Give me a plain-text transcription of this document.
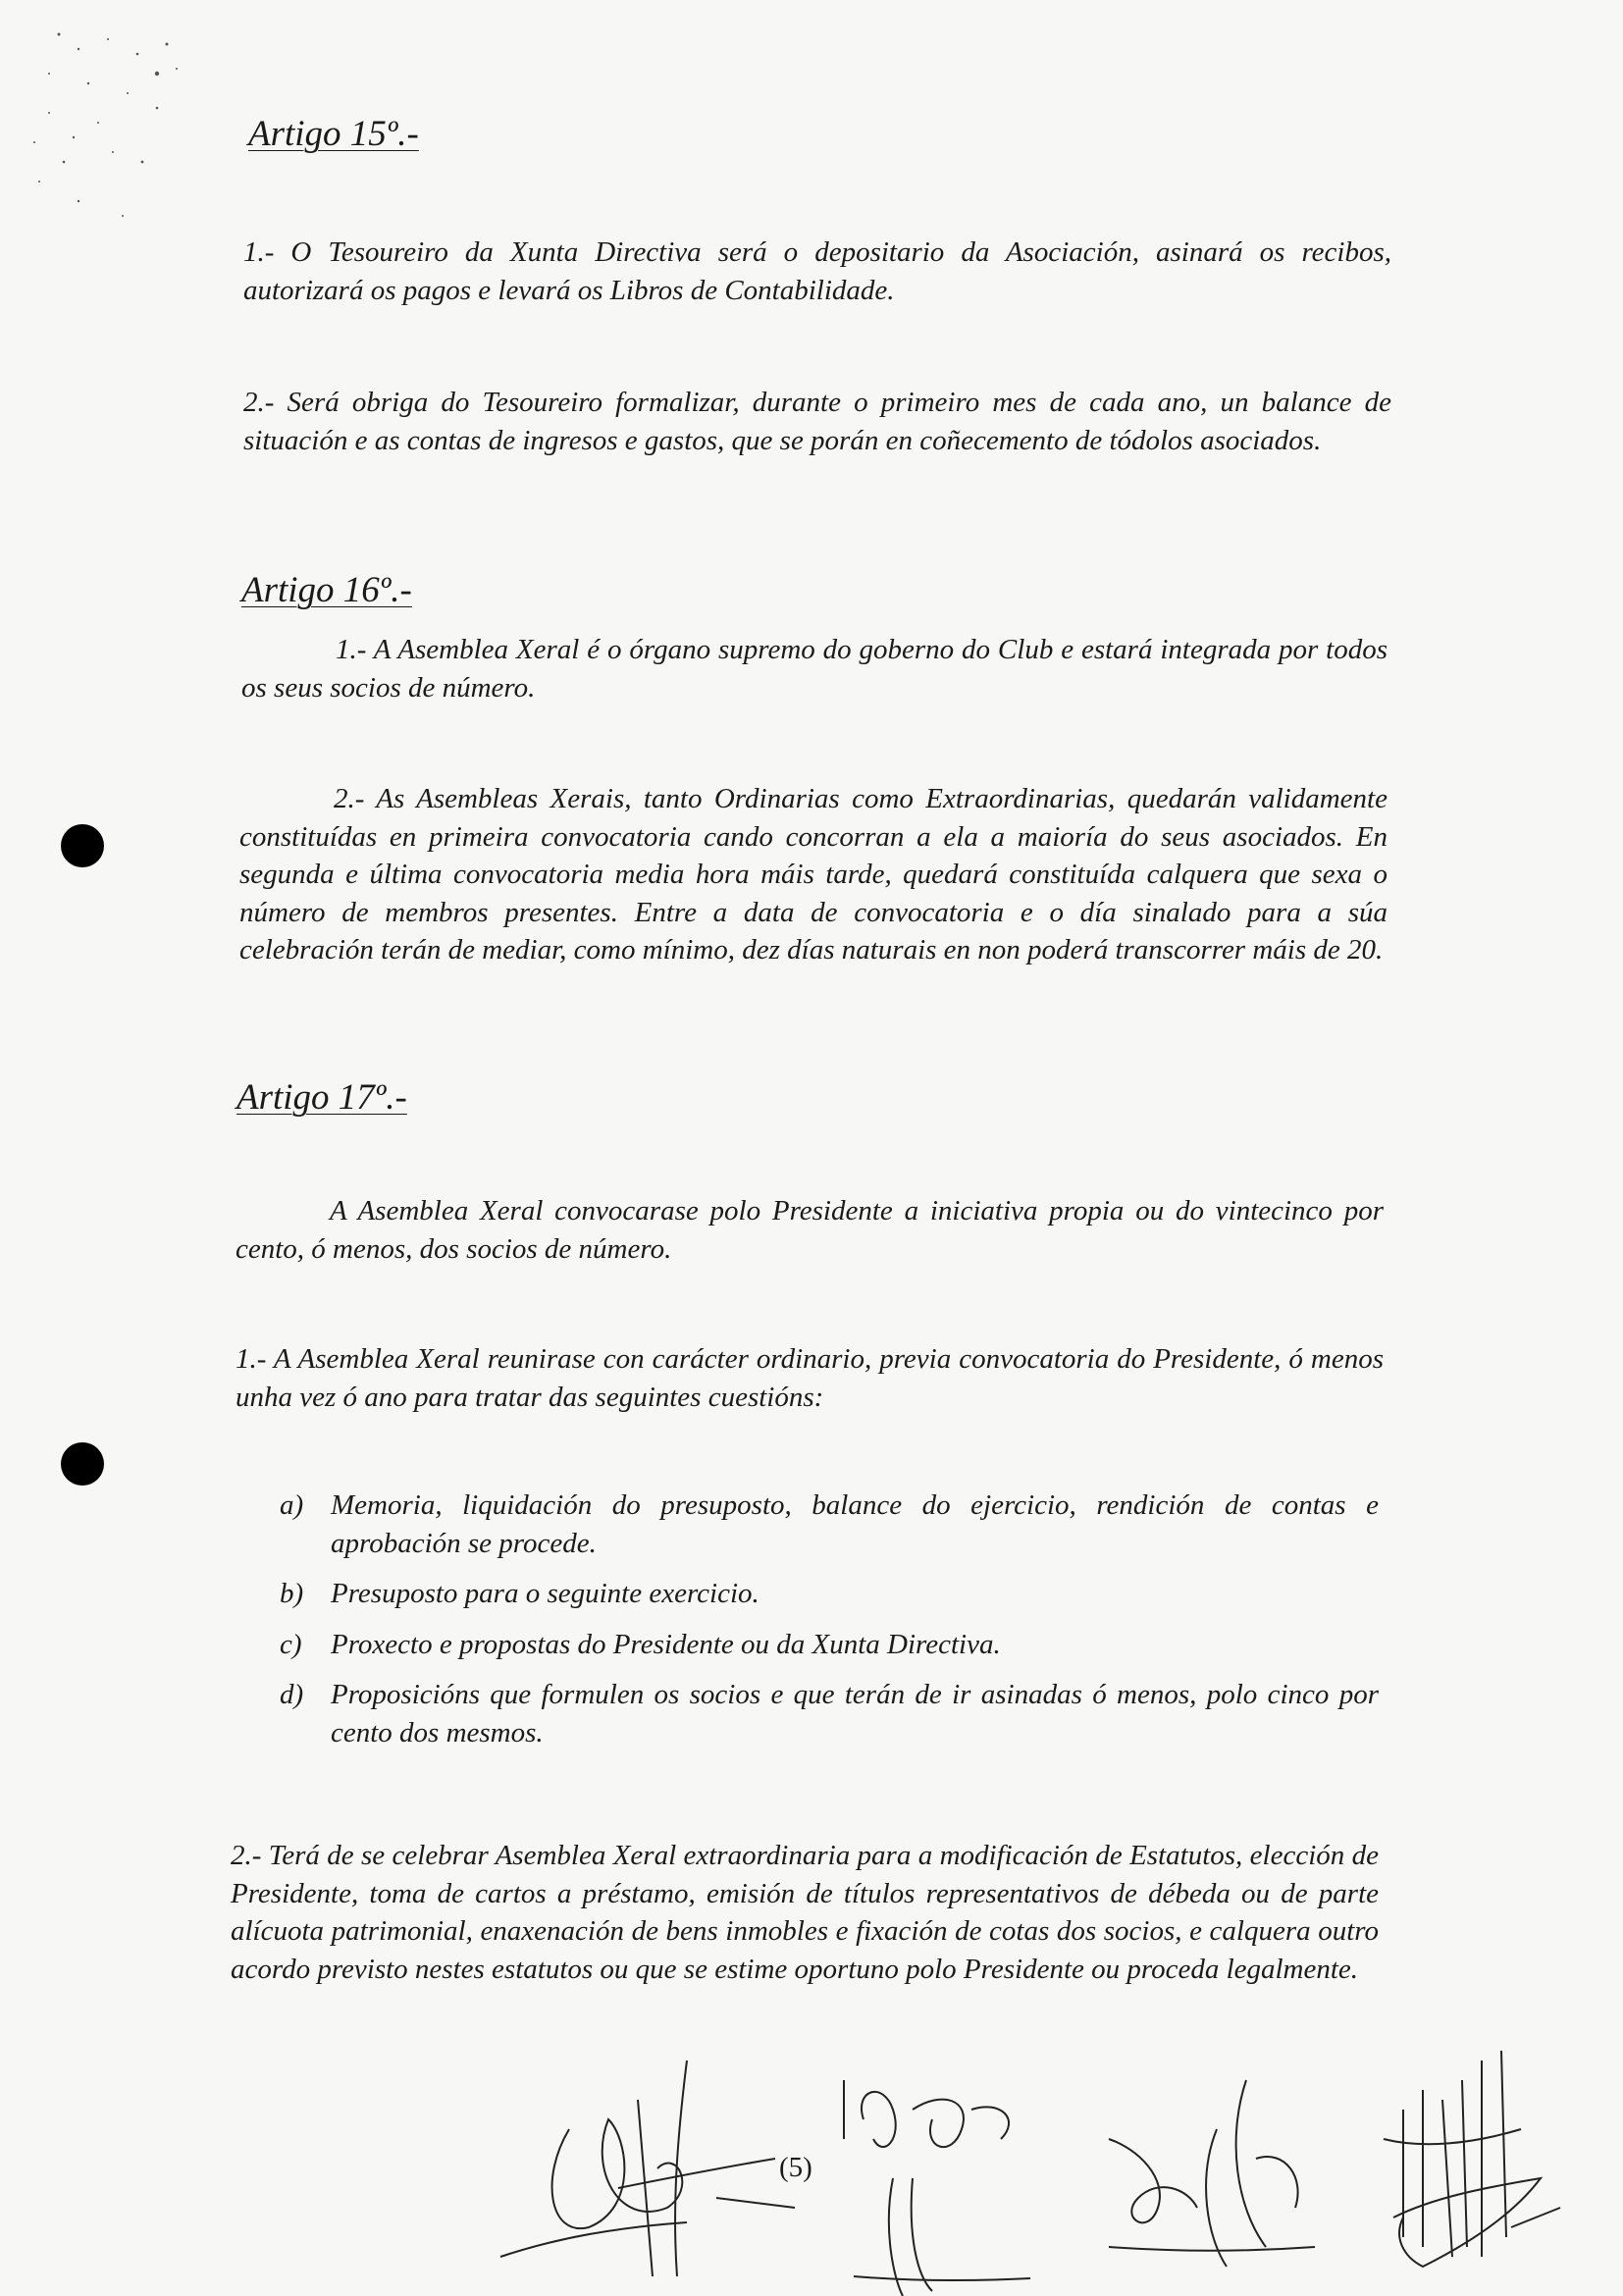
Artigo 15º.-

1.- O Tesoureiro da Xunta Directiva será o depositario da Asociación, asinará os recibos, autorizará os pagos e levará os Libros de Contabilidade.

2.- Será obriga do Tesoureiro formalizar, durante o primeiro mes de cada ano, un balance de situación e as contas de ingresos e gastos, que se porán en coñecemento de tódolos asociados.

Artigo 16º.-

1.- A Asemblea Xeral é o órgano supremo do goberno do Club e estará integrada por todos os seus socios de número.

2.- As Asembleas Xerais, tanto Ordinarias como Extraordinarias, quedarán validamente constituídas en primeira convocatoria cando concorran a ela a maioría do seus asociados. En segunda e última convocatoria media hora máis tarde, quedará constituída calquera que sexa o número de membros presentes. Entre a data de convocatoria e o día sinalado para a súa celebración terán de mediar, como mínimo, dez días naturais en non poderá transcorrer máis de 20.

Artigo 17º.-

A Asemblea Xeral convocarase polo Presidente a iniciativa propia ou do vintecinco por cento, ó menos, dos socios de número.

1.- A Asemblea Xeral reunirase con carácter ordinario, previa convocatoria do Presidente, ó menos unha vez ó ano para tratar das seguintes cuestións:

a) Memoria, liquidación do presuposto, balance do ejercicio, rendición de contas e aprobación se procede.
b) Presuposto para o seguinte exercicio.
c) Proxecto e propostas do Presidente ou da Xunta Directiva.
d) Proposicións que formulen os socios e que terán de ir asinadas ó menos, polo cinco por cento dos mesmos.

2.- Terá de se celebrar Asemblea Xeral extraordinaria para a modificación de Estatutos, elección de Presidente, toma de cartos a préstamo, emisión de títulos representativos de débeda ou de parte alícuota patrimonial, enaxenación de bens inmobles e fixación de cotas dos socios, e calquera outro acordo previsto nestes estatutos ou que se estime oportuno polo Presidente ou proceda legalmente.

(5)
